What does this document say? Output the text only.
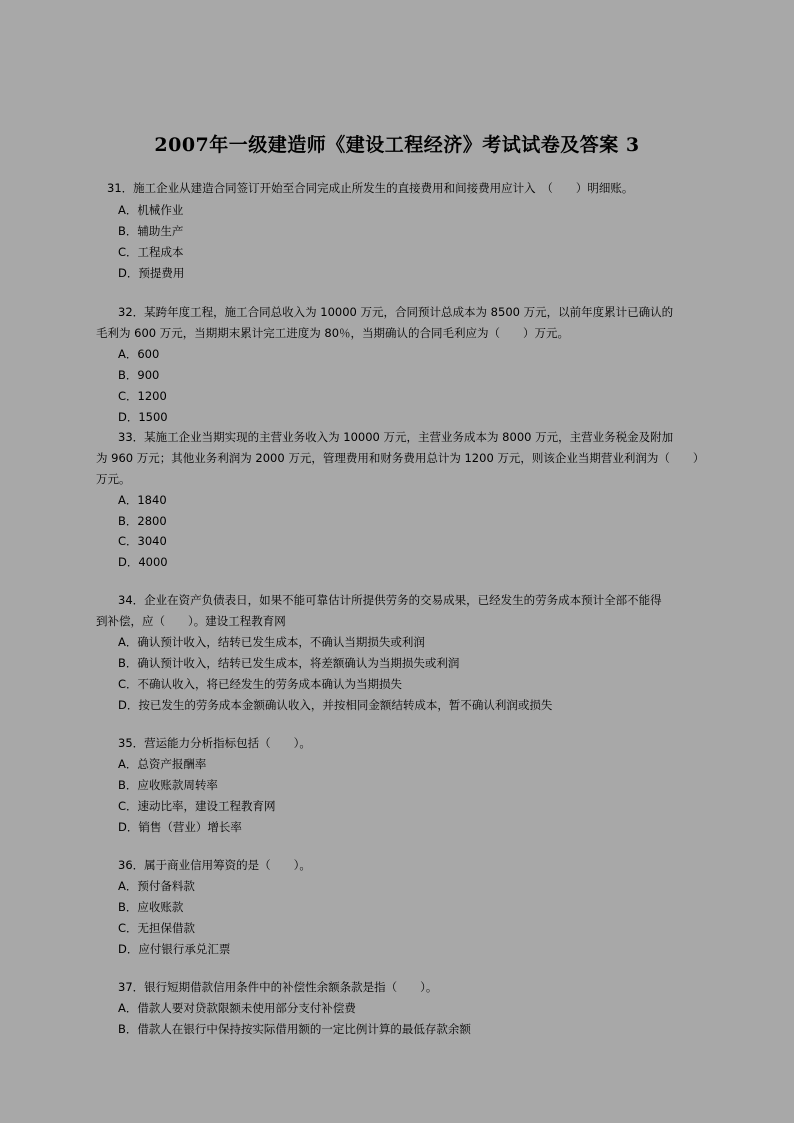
2007年一级建造师《建设工程经济》考试试卷及答案 3
31．施工企业从建造合同签订开始至合同完成止所发生的直接费用和间接费用应计入　（　　）明细账。
A．机械作业
B．辅助生产
C．工程成本
D．预提费用
32．某跨年度工程，施工合同总收入为 10000 万元，合同预计总成本为 8500 万元，以前年度累计已确认的
毛利为 600 万元，当期期末累计完工进度为 80％，当期确认的合同毛利应为（　　）万元。
A．600
B．900
C．1200
D．1500
33．某施工企业当期实现的主营业务收入为 10000 万元，主营业务成本为 8000 万元，主营业务税金及附加
为 960 万元；其他业务利润为 2000 万元，管理费用和财务费用总计为 1200 万元，则该企业当期营业利润为（　　）
万元。
A．1840
B．2800
C．3040
D．4000
34．企业在资产负债表日，如果不能可靠估计所提供劳务的交易成果，已经发生的劳务成本预计全部不能得
到补偿，应（　　）。建设工程教育网
A．确认预计收入，结转已发生成本，不确认当期损失或利润
B．确认预计收入，结转已发生成本，将差额确认为当期损失或利润
C．不确认收入，将已经发生的劳务成本确认为当期损失
D．按已发生的劳务成本金额确认收入，并按相同金额结转成本，暂不确认利润或损失
35．营运能力分析指标包括（　　）。
A．总资产报酬率
B．应收账款周转率
C．速动比率，建设工程教育网
D．销售（营业）增长率
36．属于商业信用筹资的是（　　）。
A．预付备料款
B．应收账款
C．无担保借款
D．应付银行承兑汇票
37．银行短期借款信用条件中的补偿性余额条款是指（　　）。
A．借款人要对贷款限额未使用部分支付补偿费
B．借款人在银行中保持按实际借用额的一定比例计算的最低存款余额
